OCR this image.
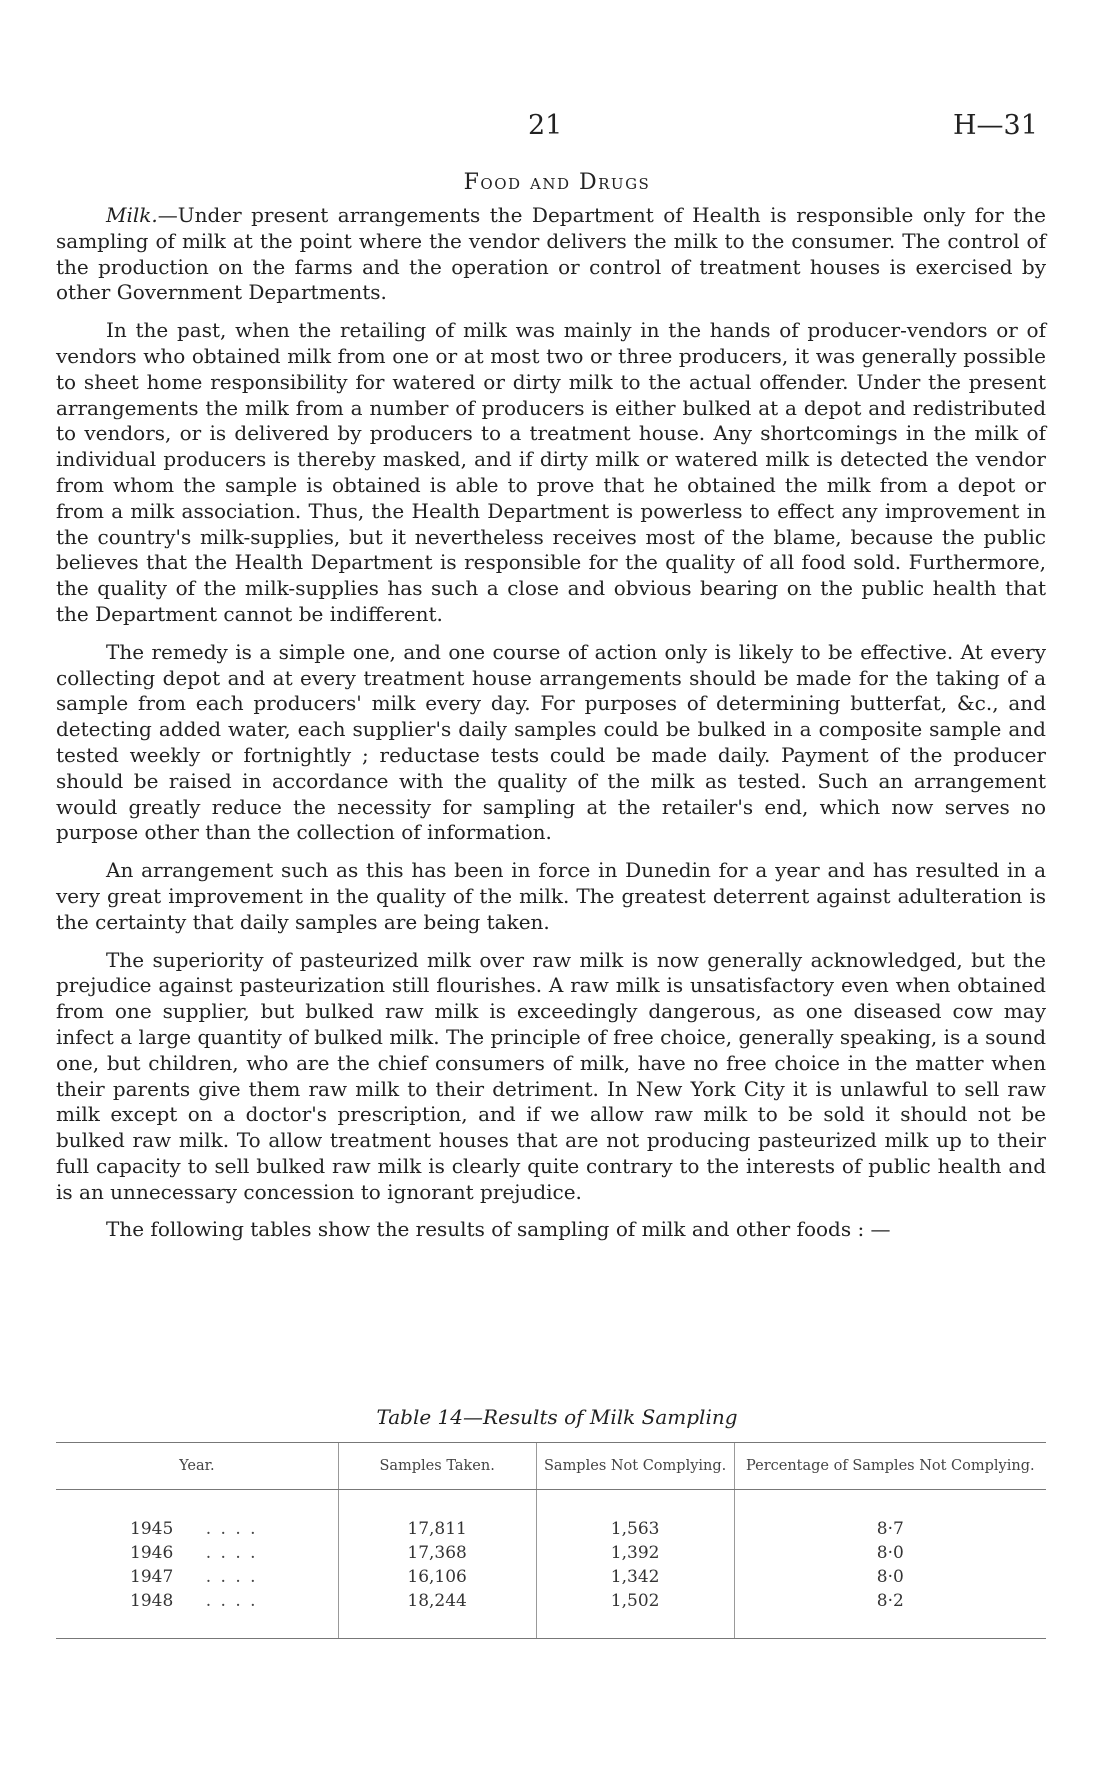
21	H—31
Food and Drugs

Milk.—Under present arrangements the Department of Health is responsible only for the sampling of milk at the point where the vendor delivers the milk to the consumer. The control of the production on the farms and the operation or control of treatment houses is exercised by other Government Departments.

In the past, when the retailing of milk was mainly in the hands of producer-vendors or of vendors who obtained milk from one or at most two or three producers, it was generally possible to sheet home responsibility for watered or dirty milk to the actual offender. Under the present arrangements the milk from a number of producers is either bulked at a depot and redistributed to vendors, or is delivered by producers to a treatment house. Any shortcomings in the milk of individual producers is thereby masked, and if dirty milk or watered milk is detected the vendor from whom the sample is obtained is able to prove that he obtained the milk from a depot or from a milk association. Thus, the Health Department is powerless to effect any improvement in the country's milk-supplies, but it nevertheless receives most of the blame, because the public believes that the Health Department is responsible for the quality of all food sold. Furthermore, the quality of the milk-supplies has such a close and obvious bearing on the public health that the Department cannot be indifferent.

The remedy is a simple one, and one course of action only is likely to be effective. At every collecting depot and at every treatment house arrangements should be made for the taking of a sample from each producers' milk every day. For purposes of determining butterfat, &c., and detecting added water, each supplier's daily samples could be bulked in a composite sample and tested weekly or fortnightly ; reductase tests could be made daily. Payment of the producer should be raised in accordance with the quality of the milk as tested. Such an arrangement would greatly reduce the necessity for sampling at the retailer's end, which now serves no purpose other than the collection of information.

An arrangement such as this has been in force in Dunedin for a year and has resulted in a very great improvement in the quality of the milk. The greatest deterrent against adulteration is the certainty that daily samples are being taken.

The superiority of pasteurized milk over raw milk is now generally acknowledged, but the prejudice against pasteurization still flourishes. A raw milk is unsatisfactory even when obtained from one supplier, but bulked raw milk is exceedingly dangerous, as one diseased cow may infect a large quantity of bulked milk. The principle of free choice, generally speaking, is a sound one, but children, who are the chief consumers of milk, have no free choice in the matter when their parents give them raw milk to their detriment. In New York City it is unlawful to sell raw milk except on a doctor's prescription, and if we allow raw milk to be sold it should not be bulked raw milk. To allow treatment houses that are not producing pasteurized milk up to their full capacity to sell bulked raw milk is clearly quite contrary to the interests of public health and is an unnecessary concession to ignorant prejudice.

The following tables show the results of sampling of milk and other foods : —

Table 14—Results of Milk Sampling
Year.	Samples Taken.	Samples Not Complying.	Percentage of Samples Not Complying.
1945 . . . .	17,811	1,563	8·7
1946 . . . .	17,368	1,392	8·0
1947 . . . .	16,106	1,342	8·0
1948 . . . .	18,244	1,502	8·2
